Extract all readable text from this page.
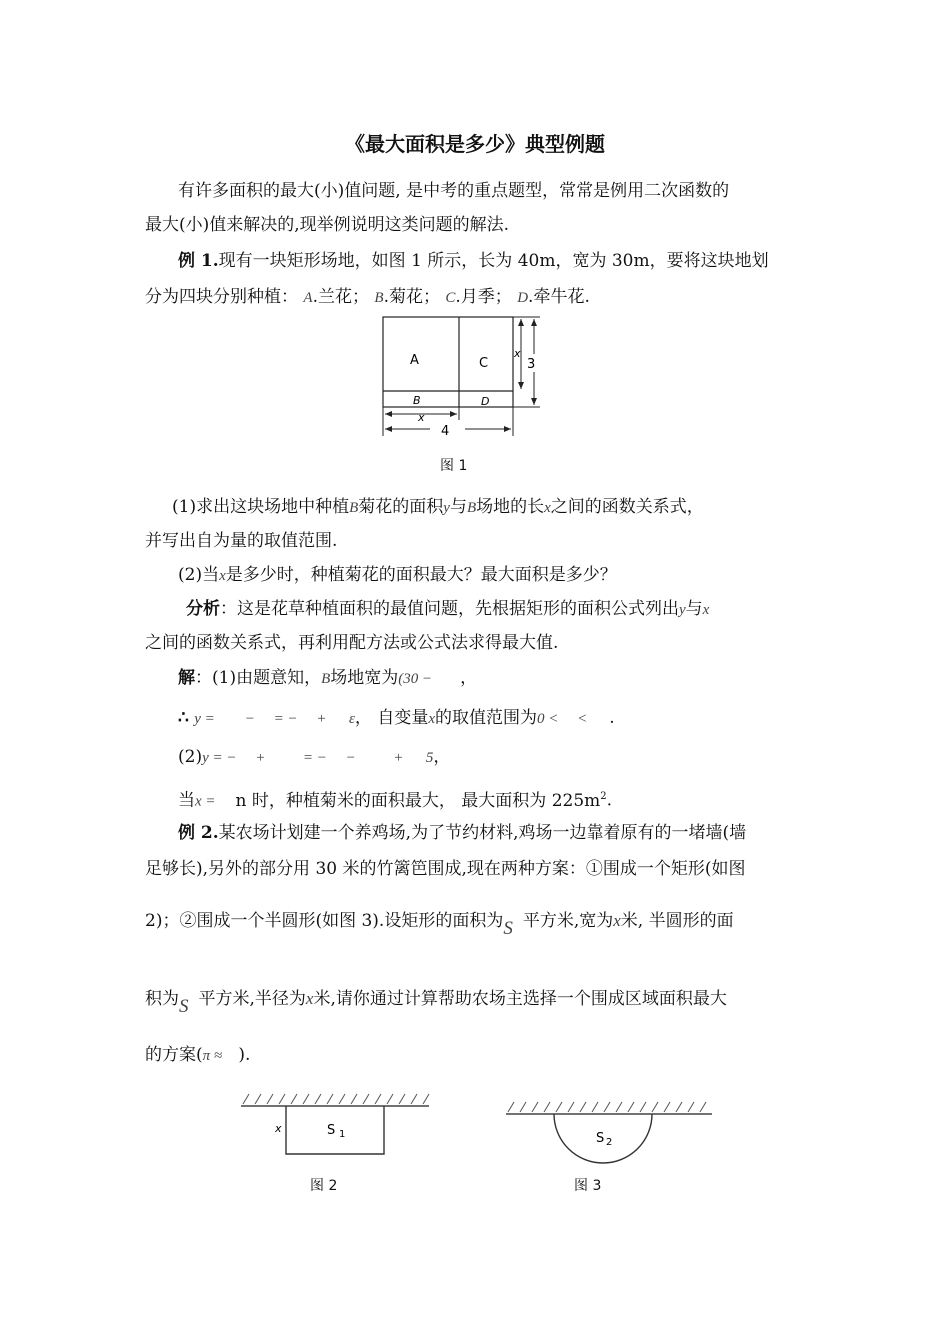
《最大面积是多少》典型例题
有许多面积的最大(小)值问题, 是中考的重点题型，常常是例用二次函数的
最大(小)值来解决的,现举例说明这类问题的解法.
例 1.现有一块矩形场地，如图 1 所示，长为 40m，宽为 30m，要将这块地划
分为四块分别种植： A.兰花； B.菊花； C.月季； D.牵牛花.
A	C
B	D
x
4
x
3
图 1
(1)求出这块场地中种植B菊花的面积y与B场地的长x之间的函数关系式，
并写出自为量的取值范围.
(2)当x是多少时，种植菊花的面积最大？最大面积是多少？
分析：这是花草种植面积的最值问题，先根据矩形的面积公式列出y与x
之间的函数关系式，再利用配方法或公式法求得最大值.
解：(1)由题意知，B场地宽为(30 − ，
∴ y =        −     = −     +      ε， 自变量x的取值范围为0 <     < .
(2)y = −     +          = −     −          +      5，
当x = n 时，种植菊米的面积最大， 最大面积为 $225m^2$.
例 2.某农场计划建一个养鸡场,为了节约材料,鸡场一边靠着原有的一堵墙(墙
足够长),另外的部分用 30 米的竹篱笆围成,现在两种方案：①围成一个矩形(如图
2)；②围成一个半圆形(如图 3).设矩形的面积为S 平方米,宽为x米, 半圆形的面
积为S 平方米,半径为x米,请你通过计算帮助农场主选择一个围成区域面积最大
的方案(π ≈   ).
x	S 1
图 2
S 2
图 3
